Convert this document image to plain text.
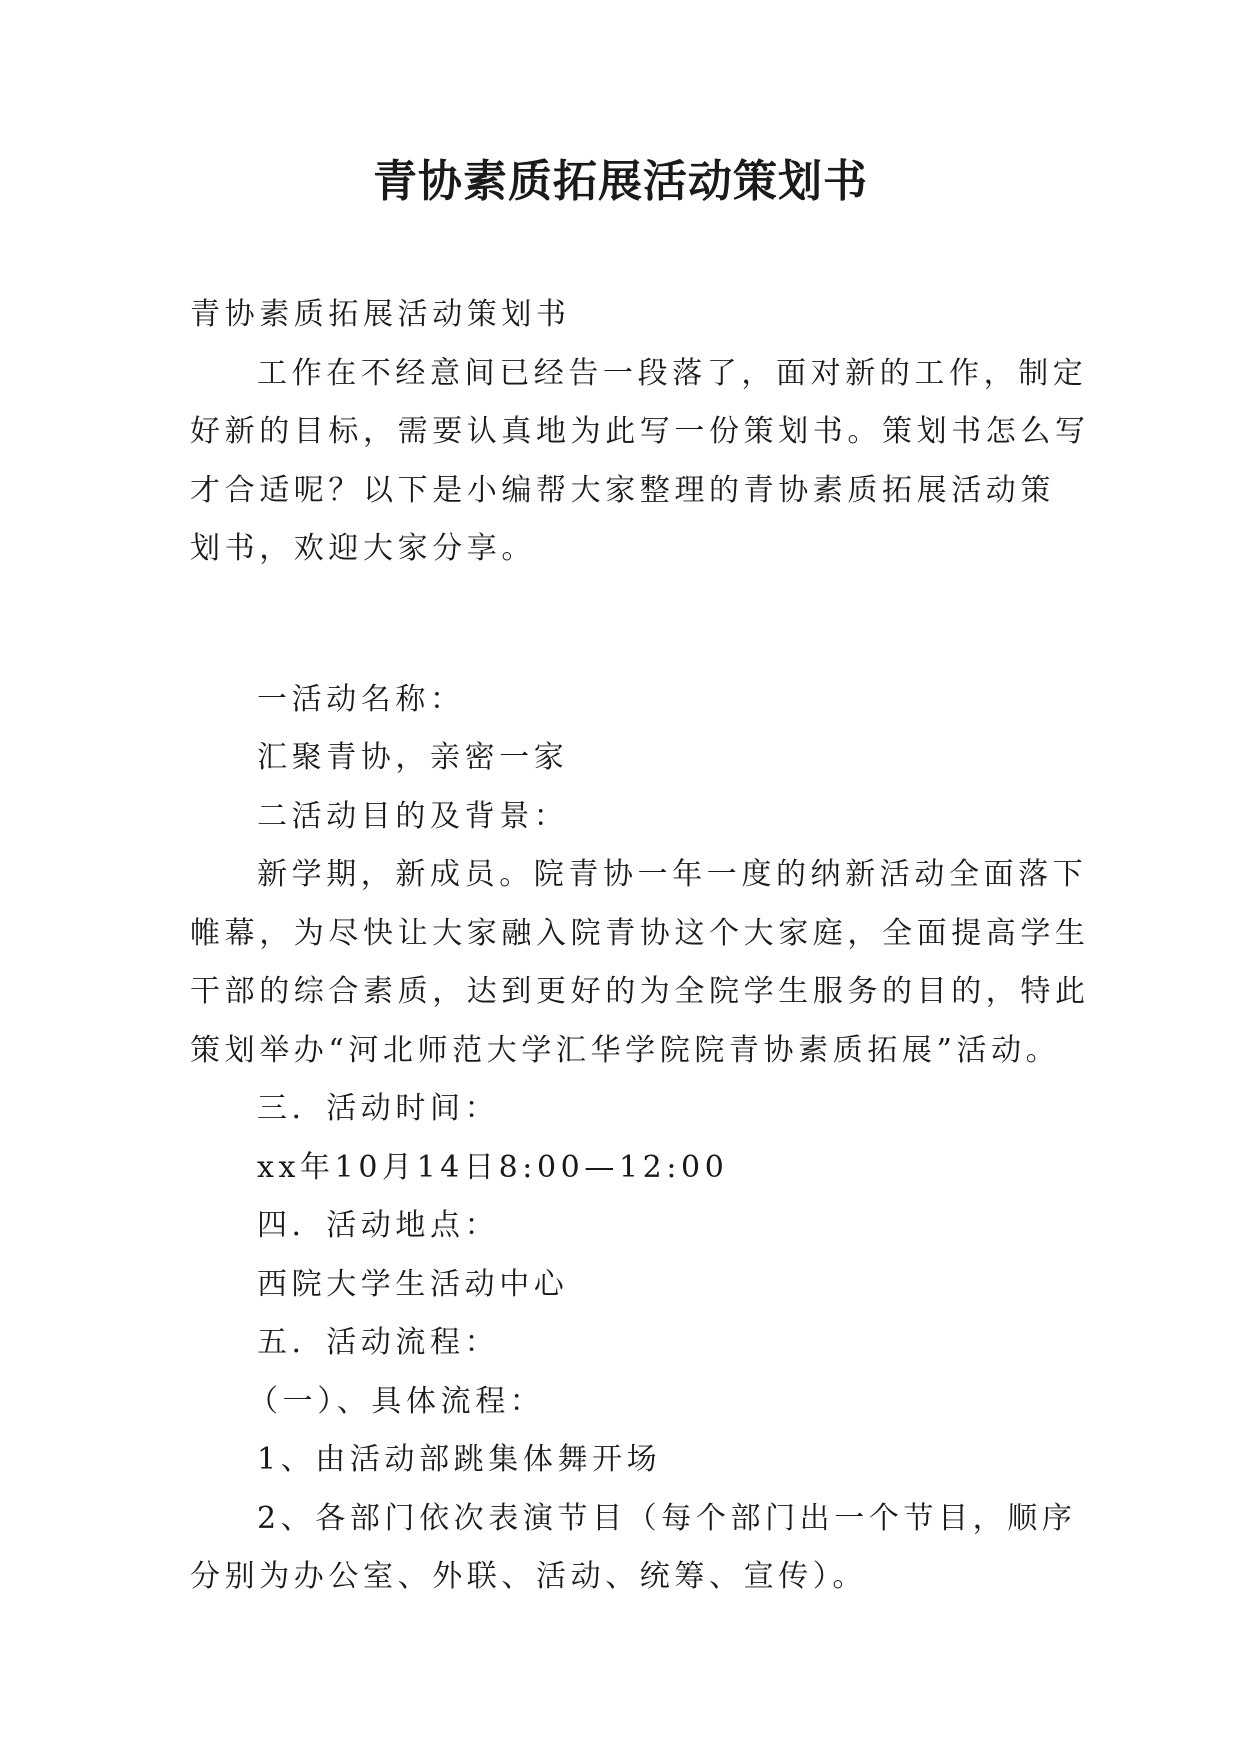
青协素质拓展活动策划书
青协素质拓展活动策划书
工作在不经意间已经告一段落了，面对新的工作，制定
好新的目标，需要认真地为此写一份策划书。策划书怎么写
才合适呢？以下是小编帮大家整理的青协素质拓展活动策
划书，欢迎大家分享。
一活动名称：
汇聚青协，亲密一家
二活动目的及背景：
新学期，新成员。院青协一年一度的纳新活动全面落下
帷幕，为尽快让大家融入院青协这个大家庭，全面提高学生
干部的综合素质，达到更好的为全院学生服务的目的，特此
策划举办“河北师范大学汇华学院院青协素质拓展”活动。
三．活动时间：
xx年10月14日8:00—12:00
四．活动地点：
西院大学生活动中心
五．活动流程：
（一）、具体流程：
1、由活动部跳集体舞开场
2、各部门依次表演节目（每个部门出一个节目，顺序
分别为办公室、外联、活动、统筹、宣传）。
